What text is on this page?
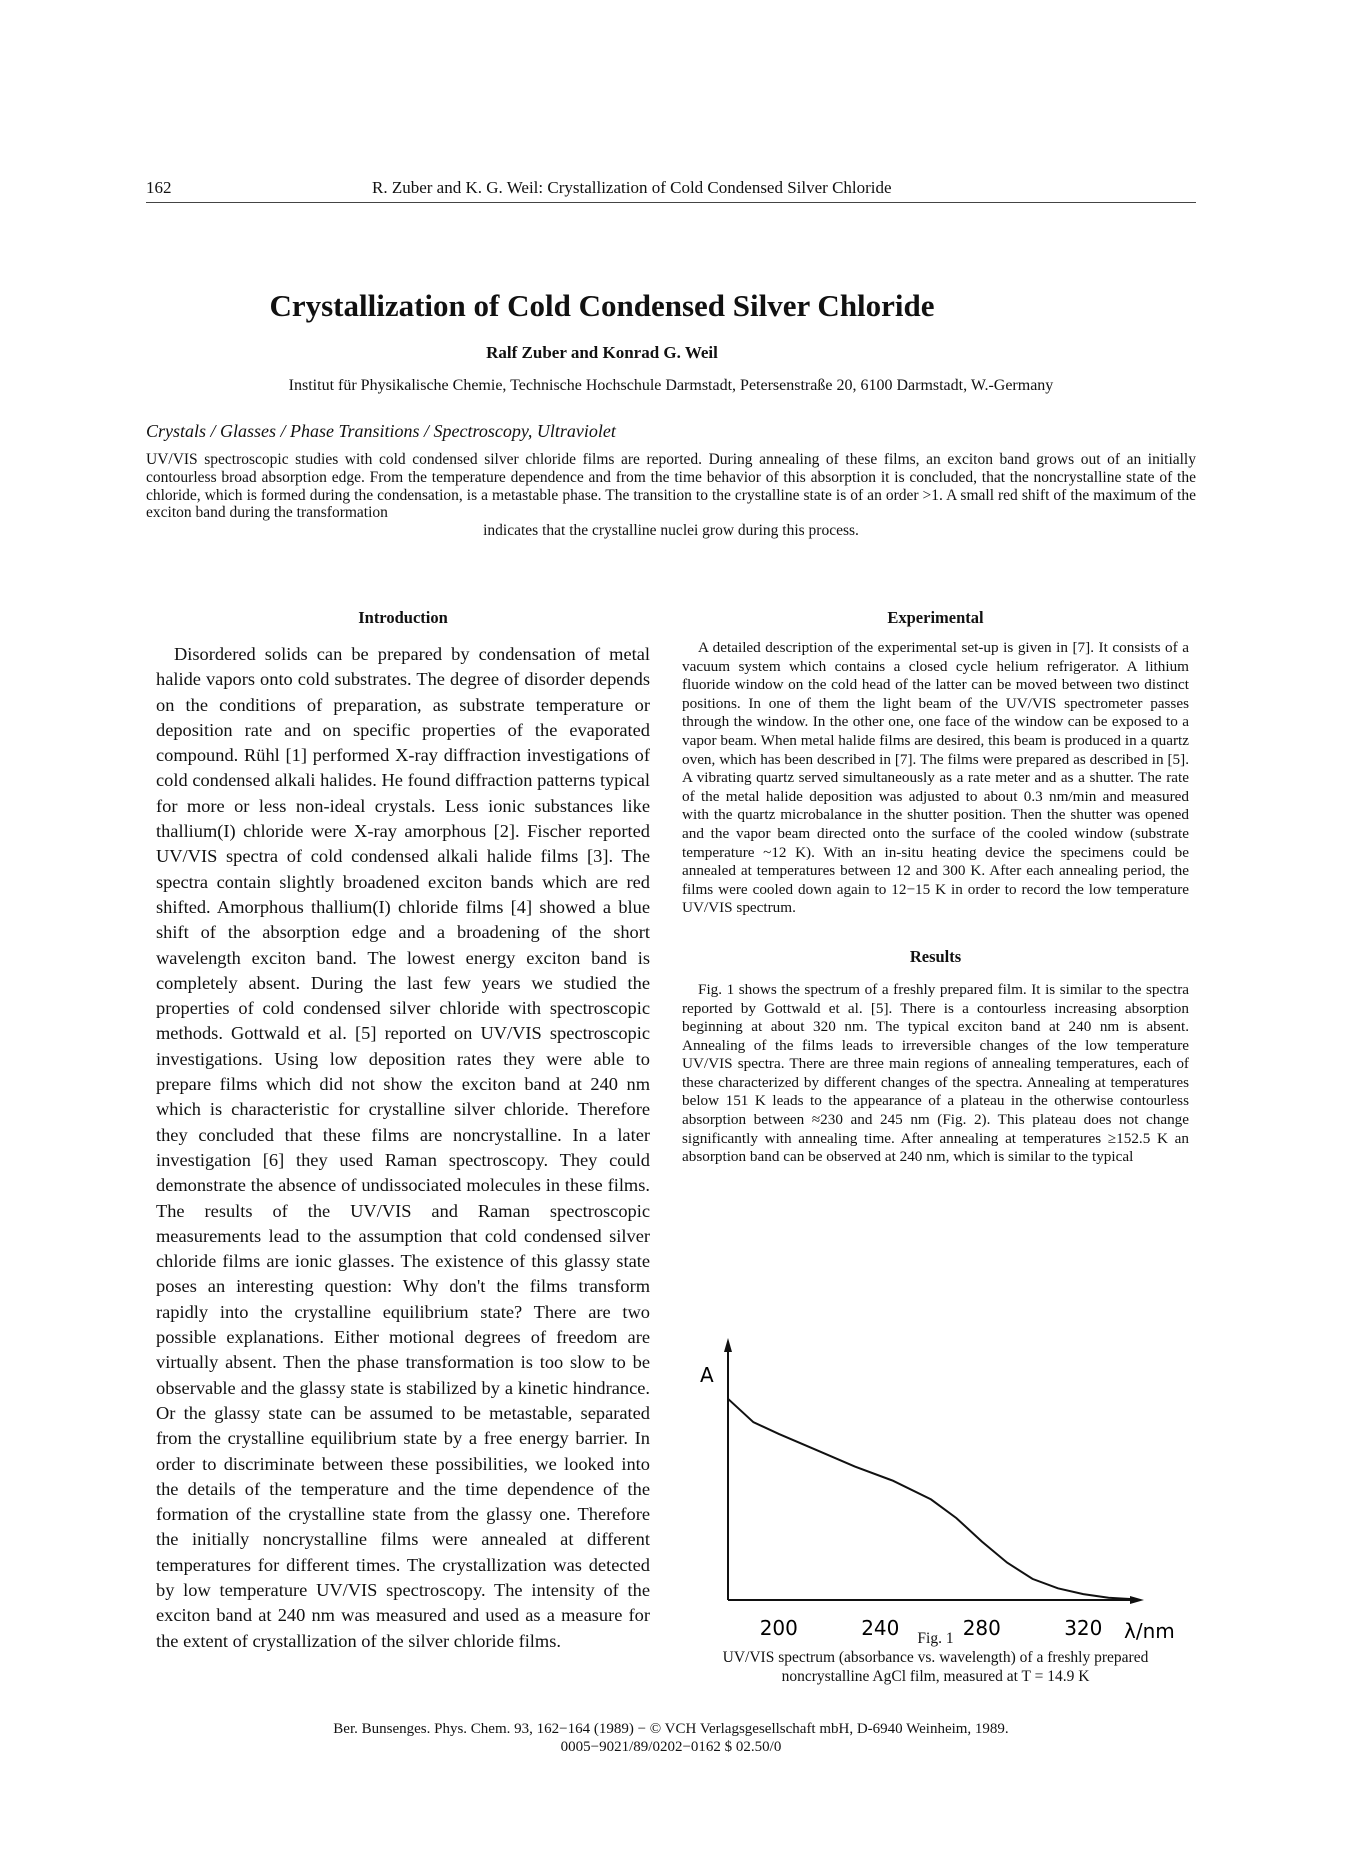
162	R. Zuber and K. G. Weil: Crystallization of Cold Condensed Silver Chloride
Crystallization of Cold Condensed Silver Chloride
Ralf Zuber and Konrad G. Weil
Institut für Physikalische Chemie, Technische Hochschule Darmstadt, Petersenstraße 20, 6100 Darmstadt, W.-Germany
Crystals / Glasses / Phase Transitions / Spectroscopy, Ultraviolet
UV/VIS spectroscopic studies with cold condensed silver chloride films are reported. During annealing of these films, an exciton band grows out of an initially contourless broad absorption edge. From the temperature dependence and from the time behavior of this absorption it is concluded, that the noncrystalline state of the chloride, which is formed during the condensation, is a metastable phase. The transition to the crystalline state is of an order >1. A small red shift of the maximum of the exciton band during the transformation
indicates that the crystalline nuclei grow during this process.
Introduction
Disordered solids can be prepared by condensation of metal halide vapors onto cold substrates. The degree of disorder depends on the conditions of preparation, as substrate temperature or deposition rate and on specific properties of the evaporated compound. Rühl [1] performed X-ray diffraction investigations of cold condensed alkali halides. He found diffraction patterns typical for more or less non-ideal crystals. Less ionic substances like thallium(I) chloride were X-ray amorphous [2]. Fischer reported UV/VIS spectra of cold condensed alkali halide films [3]. The spectra contain slightly broadened exciton bands which are red shifted. Amorphous thallium(I) chloride films [4] showed a blue shift of the absorption edge and a broadening of the short wavelength exciton band. The lowest energy exciton band is completely absent. During the last few years we studied the properties of cold condensed silver chloride with spectroscopic methods. Gottwald et al. [5] reported on UV/VIS spectroscopic investigations. Using low deposition rates they were able to prepare films which did not show the exciton band at 240 nm which is characteristic for crystalline silver chloride. Therefore they concluded that these films are noncrystalline. In a later investigation [6] they used Raman spectroscopy. They could demonstrate the absence of undissociated molecules in these films. The results of the UV/VIS and Raman spectroscopic measurements lead to the assumption that cold condensed silver chloride films are ionic glasses. The existence of this glassy state poses an interesting question: Why don't the films transform rapidly into the crystalline equilibrium state? There are two possible explanations. Either motional degrees of freedom are virtually absent. Then the phase transformation is too slow to be observable and the glassy state is stabilized by a kinetic hindrance. Or the glassy state can be assumed to be metastable, separated from the crystalline equilibrium state by a free energy barrier. In order to discriminate between these possibilities, we looked into the details of the temperature and the time dependence of the formation of the crystalline state from the glassy one. Therefore the initially noncrystalline films were annealed at different temperatures for different times. The crystallization was detected by low temperature UV/VIS spectroscopy. The intensity of the exciton band at 240 nm was measured and used as a measure for the extent of crystallization of the silver chloride films.
Experimental
A detailed description of the experimental set-up is given in [7]. It consists of a vacuum system which contains a closed cycle helium refrigerator. A lithium fluoride window on the cold head of the latter can be moved between two distinct positions. In one of them the light beam of the UV/VIS spectrometer passes through the window. In the other one, one face of the window can be exposed to a vapor beam. When metal halide films are desired, this beam is produced in a quartz oven, which has been described in [7]. The films were prepared as described in [5]. A vibrating quartz served simultaneously as a rate meter and as a shutter. The rate of the metal halide deposition was adjusted to about 0.3 nm/min and measured with the quartz microbalance in the shutter position. Then the shutter was opened and the vapor beam directed onto the surface of the cooled window (substrate temperature ~12 K). With an in-situ heating device the specimens could be annealed at temperatures between 12 and 300 K. After each annealing period, the films were cooled down again to 12−15 K in order to record the low temperature UV/VIS spectrum.
Results
Fig. 1 shows the spectrum of a freshly prepared film. It is similar to the spectra reported by Gottwald et al. [5]. There is a contourless increasing absorption beginning at about 320 nm. The typical exciton band at 240 nm is absent. Annealing of the films leads to irreversible changes of the low temperature UV/VIS spectra. There are three main regions of annealing temperatures, each of these characterized by different changes of the spectra. Annealing at temperatures below 151 K leads to the appearance of a plateau in the otherwise contourless absorption between ≈230 and 245 nm (Fig. 2). This plateau does not change significantly with annealing time. After annealing at temperatures ≥152.5 K an absorption band can be observed at 240 nm, which is similar to the typical
A
λ/nm
200	240	280	320
Fig. 1
UV/VIS spectrum (absorbance vs. wavelength) of a freshly prepared
noncrystalline AgCl film, measured at T = 14.9 K
Ber. Bunsenges. Phys. Chem. 93, 162−164 (1989) − © VCH Verlagsgesellschaft mbH, D-6940 Weinheim, 1989.
0005−9021/89/0202−0162 $ 02.50/0
